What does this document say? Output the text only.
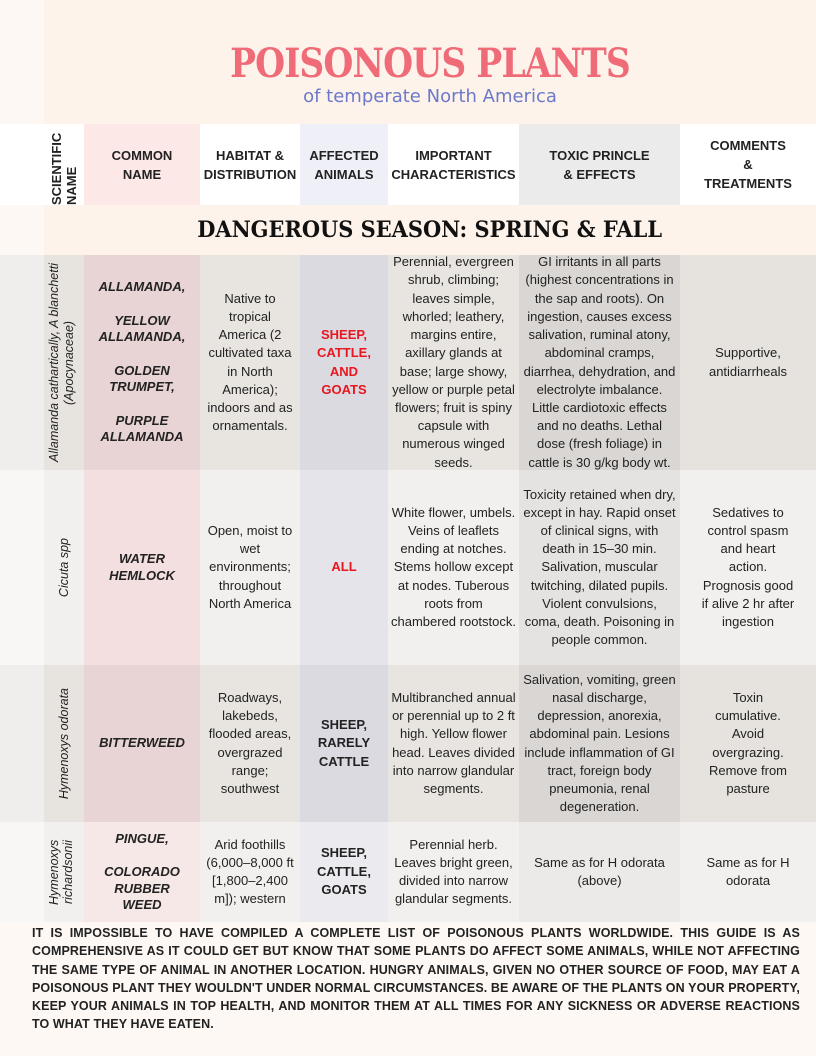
POISONOUS PLANTS
of temperate North America
SCIENTIFIC NAME
COMMON NAME
HABITAT & DISTRIBUTION
AFFECTED ANIMALS
IMPORTANT CHARACTERISTICS
TOXIC PRINCLE & EFFECTS
COMMENTS & TREATMENTS
DANGEROUS SEASON: SPRING & FALL
Allamanda cathartically, A blanchetti (Apocynaceae)

ALLAMANDA,

YELLOW ALLAMANDA,

GOLDEN TRUMPET,

PURPLE ALLAMANDA

Native to tropical America (2 cultivated taxa in North America); indoors and as ornamentals.
SHEEP, CATTLE, AND GOATS
Perennial, evergreen shrub, climbing; leaves simple, whorled; leathery, margins entire, axillary glands at base; large showy, yellow or purple petal flowers; fruit is spiny capsule with numerous winged seeds.
GI irritants in all parts (highest concentrations in the sap and roots). On ingestion, causes excess salivation, ruminal atony, abdominal cramps, diarrhea, dehydration, and electrolyte imbalance. Little cardiotoxic effects and no deaths. Lethal dose (fresh foliage) in cattle is 30 g/kg body wt.
Supportive, antidiarrheals
Cicuta spp	WATER HEMLOCK

Open, moist to wet environments; throughout North America
ALL
White flower, umbels. Veins of leaflets ending at notches. Stems hollow except at nodes. Tuberous roots from chambered rootstock.
Toxicity retained when dry, except in hay. Rapid onset of clinical signs, with death in 15–30 min. Salivation, muscular twitching, dilated pupils. Violent convulsions, coma, death. Poisoning in people common.
Sedatives to control spasm and heart action. Prognosis good if alive 2 hr after ingestion
Hymenoxys odorata BITTERWEED

Roadways, lakebeds, flooded areas, overgrazed range; southwest
SHEEP, RARELY CATTLE
Multibranched annual or perennial up to 2 ft high. Yellow flower head. Leaves divided into narrow glandular segments.
Salivation, vomiting, green nasal discharge, depression, anorexia, abdominal pain. Lesions include inflammation of GI tract, foreign body pneumonia, renal degeneration.
Toxin cumulative. Avoid overgrazing. Remove from pasture
Hymenoxys richardsonii

PINGUE,

COLORADO RUBBER WEED

Arid foothills (6,000–8,000 ft [1,800–2,400 m]); western
SHEEP, CATTLE, GOATS
Perennial herb. Leaves bright green, divided into narrow glandular segments.
Same as for H odorata (above)
Same as for H odorata
IT IS IMPOSSIBLE TO HAVE COMPILED A COMPLETE LIST OF POISONOUS PLANTS WORLDWIDE. THIS GUIDE IS AS COMPREHENSIVE AS IT COULD GET BUT KNOW THAT SOME PLANTS DO AFFECT SOME ANIMALS, WHILE NOT AFFECTING THE SAME TYPE OF ANIMAL IN ANOTHER LOCATION. HUNGRY ANIMALS, GIVEN NO OTHER SOURCE OF FOOD, MAY EAT A POISONOUS PLANT THEY WOULDN'T UNDER NORMAL CIRCUMSTANCES. BE AWARE OF THE PLANTS ON YOUR PROPERTY, KEEP YOUR ANIMALS IN TOP HEALTH, AND MONITOR THEM AT ALL TIMES FOR ANY SICKNESS OR ADVERSE REACTIONS TO WHAT THEY HAVE EATEN.
